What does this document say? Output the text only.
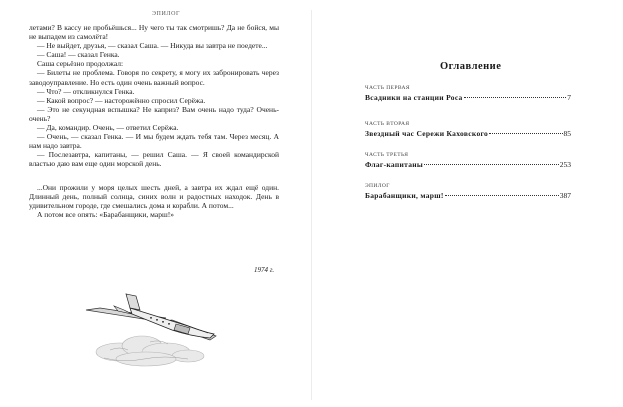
ЭПИЛОГ

летами? В кассу не пробьёшься... Ну чего ты так смотришь? Да не бойся, мы не выпадем из самолёта!

— Не выйдет, друзья, — сказал Саша. — Никуда вы завтра не поедете...

— Саша! — сказал Генка.

Саша серьёзно продолжал:

— Билеты не проблема. Говоря по секрету, я могу их забронировать через заводоуправление. Но есть один очень важный вопрос.

— Что? — откликнулся Генка.

— Какой вопрос? — насторожённо спросил Серёжа.

— Это не секундная вспышка? Не каприз? Вам очень надо туда? Очень-очень?

— Да, командир. Очень, — ответил Серёжа.

— Очень, — сказал Генка. — И мы будем ждать тебя там. Через месяц. А нам надо завтра.

— Послезавтра, капитаны, — решил Саша. — Я своей командирской властью даю вам еще один морской день.

...Они прожили у моря целых шесть дней, а завтра их ждал ещё один. Длинный день, полный солнца, синих волн и радостных находок. День в удивительном городе, где смешались дома и корабли. А потом...

А потом все опять: «Барабанщики, марш!»

1974 г.
Оглавление
ЧАСТЬ ПЕРВАЯ
Всадники на станции Роса	7
ЧАСТЬ ВТОРАЯ
Звездный час Сережи Каховского	85
ЧАСТЬ ТРЕТЬЯ
Флаг-капитаны	253
ЭПИЛОГ
Барабанщики, марш!	387
